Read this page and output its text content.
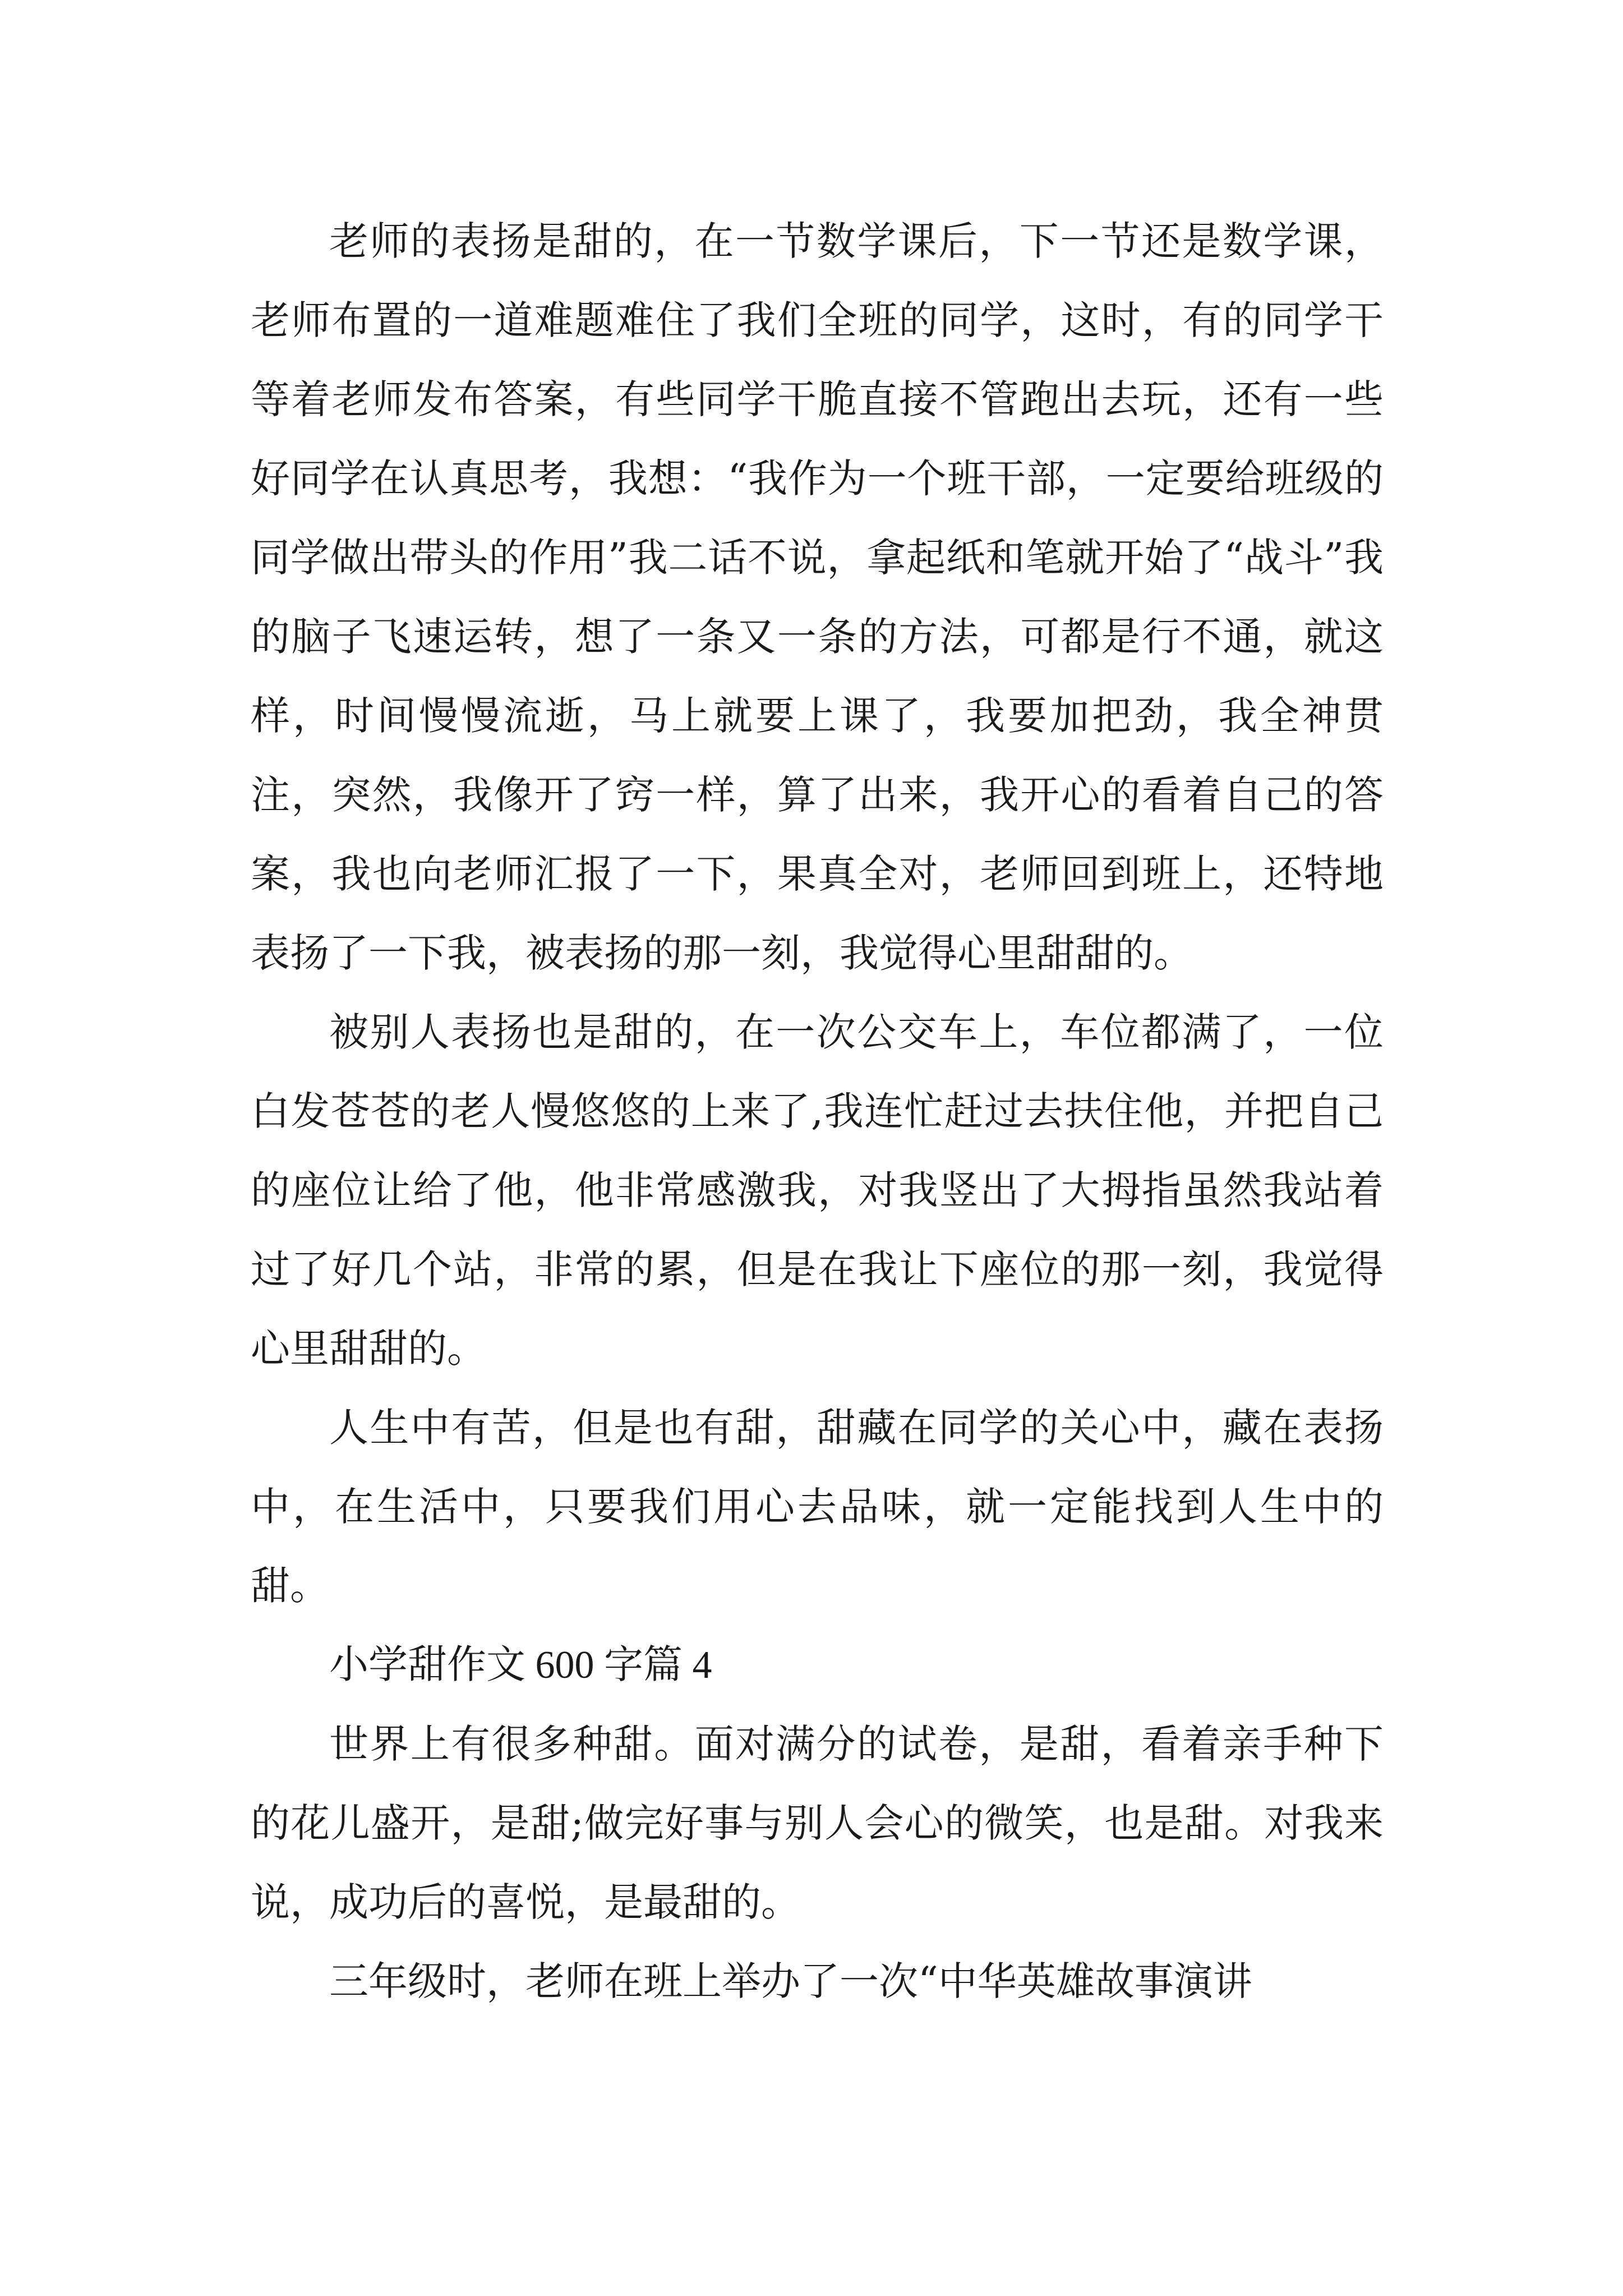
老师的表扬是甜的，在一节数学课后，下一节还是数学课，老师布置的一道难题难住了我们全班的同学，这时，有的同学干等着老师发布答案，有些同学干脆直接不管跑出去玩，还有一些好同学在认真思考，我想：“我作为一个班干部，一定要给班级的同学做出带头的作用”我二话不说，拿起纸和笔就开始了“战斗”我的脑子飞速运转，想了一条又一条的方法，可都是行不通，就这样，时间慢慢流逝，马上就要上课了，我要加把劲，我全神贯注，突然，我像开了窍一样，算了出来，我开心的看着自己的答案，我也向老师汇报了一下，果真全对，老师回到班上，还特地表扬了一下我，被表扬的那一刻，我觉得心里甜甜的。

被别人表扬也是甜的，在一次公交车上，车位都满了，一位白发苍苍的老人慢悠悠的上来了,我连忙赶过去扶住他，并把自己的座位让给了他，他非常感激我，对我竖出了大拇指虽然我站着过了好几个站，非常的累，但是在我让下座位的那一刻，我觉得心里甜甜的。

人生中有苦，但是也有甜，甜藏在同学的关心中，藏在表扬中，在生活中，只要我们用心去品味，就一定能找到人生中的甜。

小学甜作文 600 字篇 4

世界上有很多种甜。面对满分的试卷，是甜，看着亲手种下的花儿盛开，是甜;做完好事与别人会心的微笑，也是甜。对我来说，成功后的喜悦，是最甜的。

三年级时，老师在班上举办了一次“中华英雄故事演讲
